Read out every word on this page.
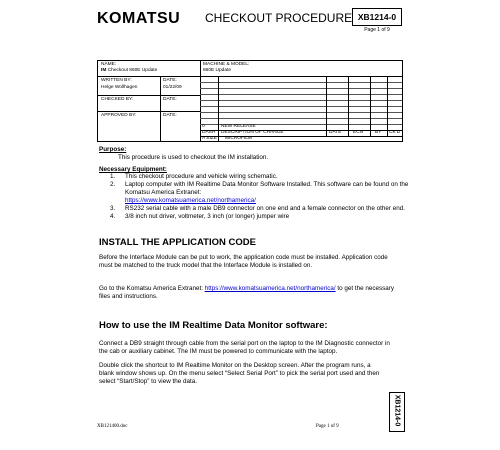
KOMATSU CHECKOUT PROCEDURE XB1214-0
Page 1 of 9
NAME:
IM Checkout 860E Update
MACHINE & MODEL:
860E Update
WRITTEN BY:
Helge Wollhagen
DATE:
01/22/09
CHECKED BY:	DATE:
APPROVED BY:	DATE:
0	NEW RELEASE
DASH DESCRIPTION OF CHANGE	DATE ECN BY CK'D
A SIZE MICROFILM
Purpose:
This procedure is used to checkout the IM installation.
Necessary Equipment:
1. This checkout procedure and vehicle wiring schematic.
2. Laptop computer with IM Realtime Data Monitor Software Installed. This software can be found on the Komatsu America Extranet:
https://www.komatsuamerica.net/northamerica/
3. RS232 serial cable with a male DB9 connector on one end and a female connector on the other end.
4. 3/8 inch nut driver, voltmeter, 3 inch (or longer) jumper wire
INSTALL THE APPLICATION CODE
Before the Interface Module can be put to work, the application code must be installed. Application code must be matched to the truck model that the Interface Module is installed on.
Go to the Komatsu America Extranet: https://www.komatsuamerica.net/northamerica/ to get the necessary files and instructions.
How to use the IM Realtime Data Monitor software:
Connect a DB9 straight through cable from the serial port on the laptop to the IM Diagnostic connector in the cab or auxiliary cabinet. The IM must be powered to communicate with the laptop.
Double click the shortcut to IM Realtime Monitor on the Desktop screen. After the program runs, a blank window shows up. On the menu select “Select Serial Port” to pick the serial port used and then select “Start/Stop” to view the data.
XB1214-0
XB121400.doc	Page 1 of 9
